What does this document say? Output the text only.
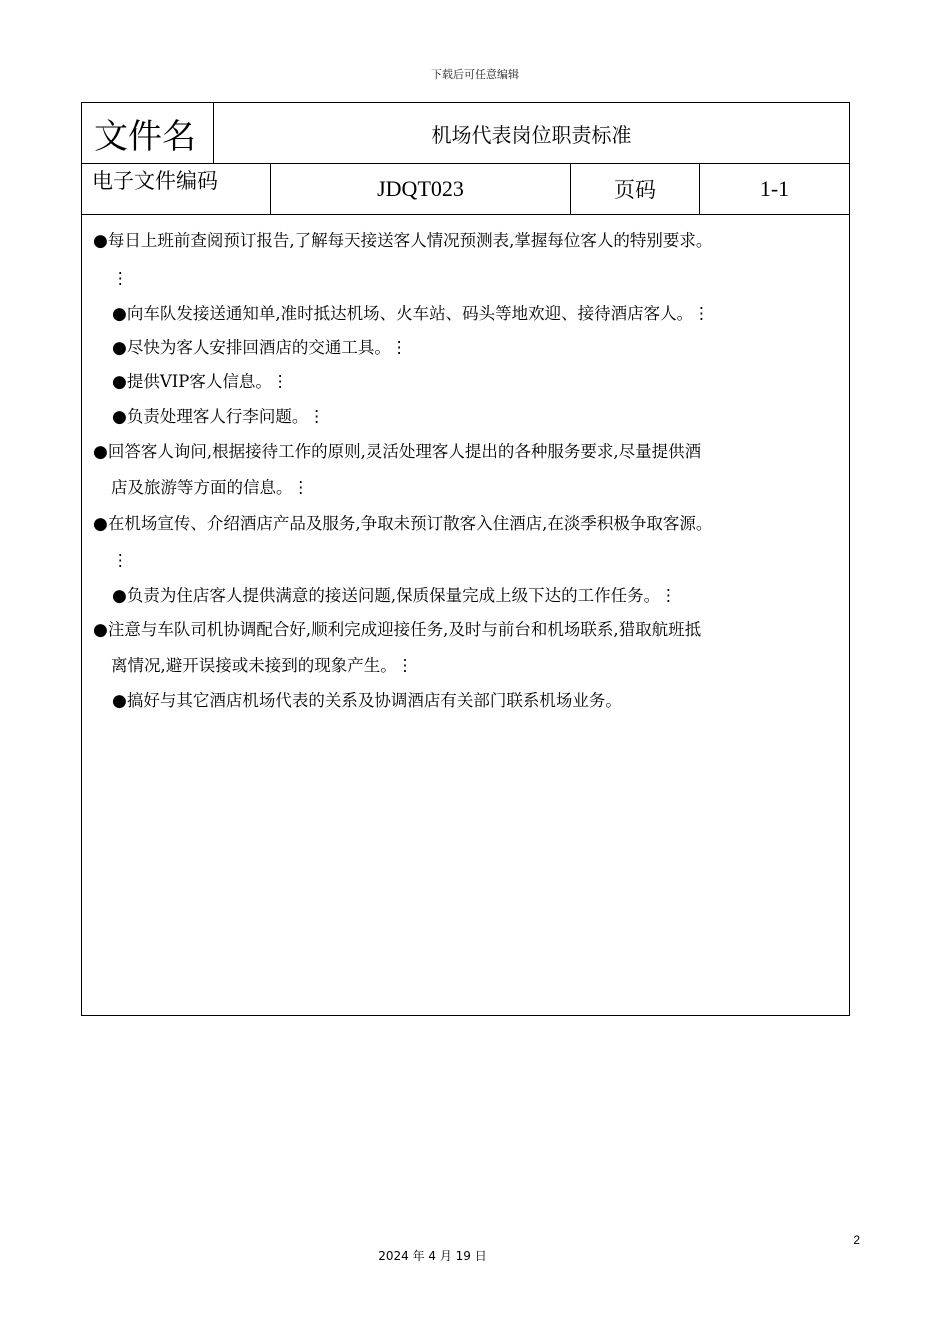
下载后可任意编辑
文件名	机场代表岗位职责标准
电子文件编码	JDQT023	页码	1-1
●每日上班前查阅预订报告,了解每天接送客人情况预测表,掌握每位客人的特别要求。
⋮
●向车队发接送通知单,准时抵达机场、火车站、码头等地欢迎、接待酒店客人。⋮
●尽快为客人安排回酒店的交通工具。⋮
●提供VIP客人信息。⋮
●负责处理客人行李问题。⋮
●回答客人询问,根据接待工作的原则,灵活处理客人提出的各种服务要求,尽量提供酒
店及旅游等方面的信息。⋮
●在机场宣传、介绍酒店产品及服务,争取未预订散客入住酒店,在淡季积极争取客源。
⋮
●负责为住店客人提供满意的接送问题,保质保量完成上级下达的工作任务。⋮
●注意与车队司机协调配合好,顺利完成迎接任务,及时与前台和机场联系,猎取航班抵
离情况,避开误接或未接到的现象产生。⋮
●搞好与其它酒店机场代表的关系及协调酒店有关部门联系机场业务。
2
2024 年 4 月 19 日
